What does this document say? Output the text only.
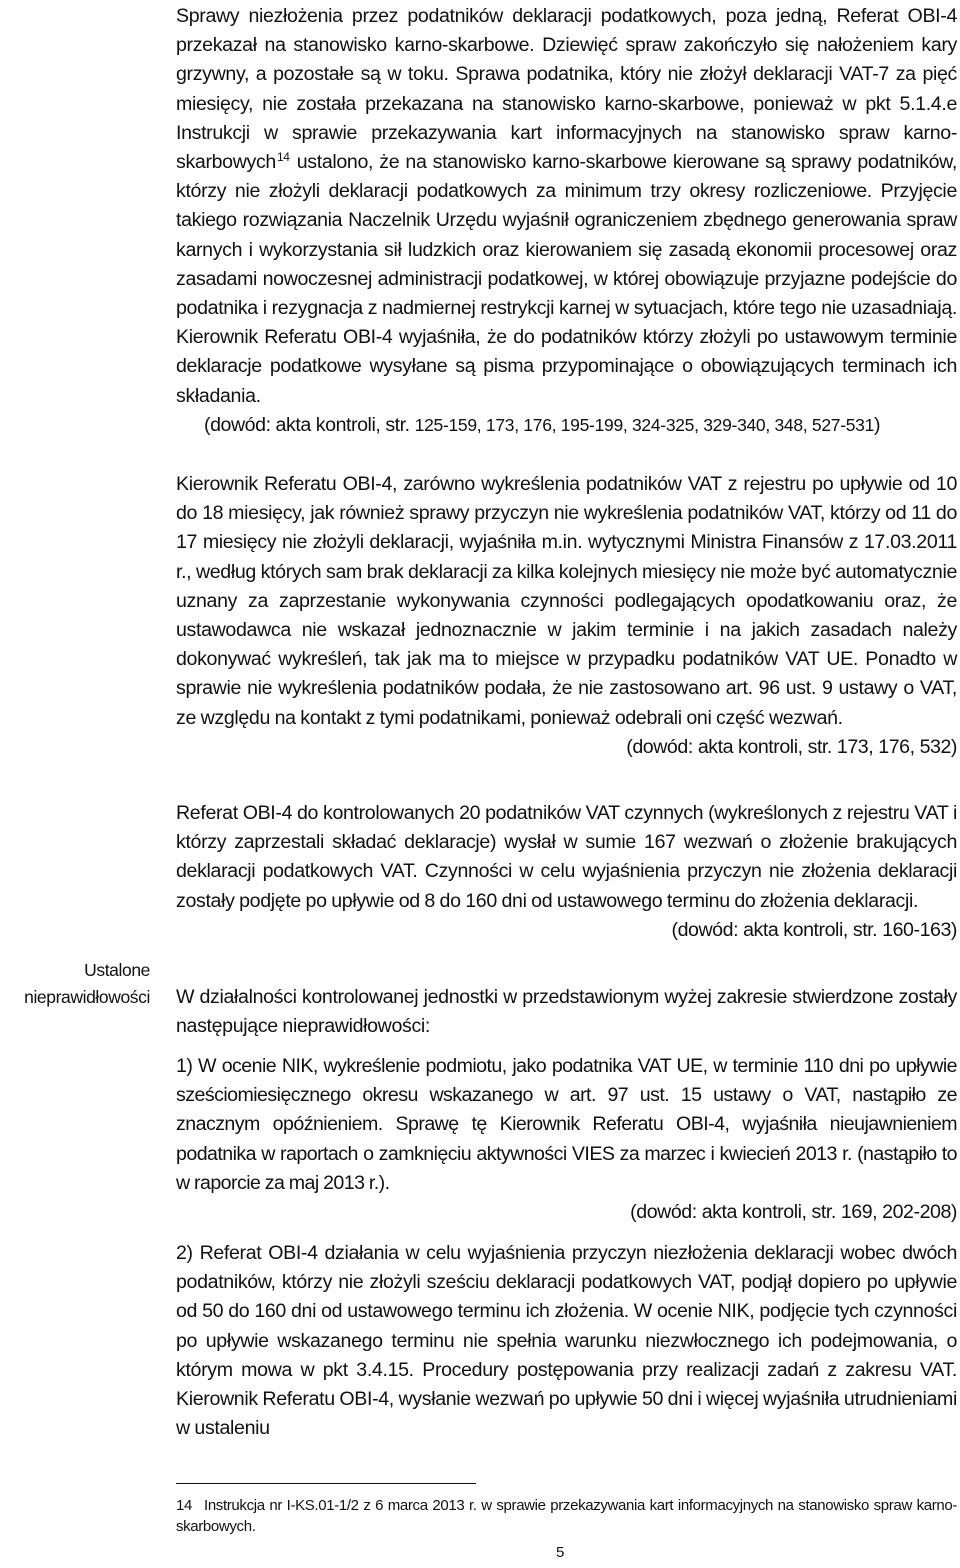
Sprawy niezłożenia przez podatników deklaracji podatkowych, poza jedną, Referat OBI-4 przekazał na stanowisko karno-skarbowe. Dziewięć spraw zakończyło się nałożeniem kary grzywny, a pozostałe są w toku. Sprawa podatnika, który nie złożył deklaracji VAT-7 za pięć miesięcy, nie została przekazana na stanowisko karno-skarbowe, ponieważ w pkt 5.1.4.e Instrukcji w sprawie przekazywania kart informacyjnych na stanowisko spraw karno-skarbowych$^{14}$ ustalono, że na stanowisko karno-skarbowe kierowane są sprawy podatników, którzy nie złożyli deklaracji podatkowych za minimum trzy okresy rozliczeniowe. Przyjęcie takiego rozwiązania Naczelnik Urzędu wyjaśnił ograniczeniem zbędnego generowania spraw karnych i wykorzystania sił ludzkich oraz kierowaniem się zasadą ekonomii procesowej oraz zasadami nowoczesnej administracji podatkowej, w której obowiązuje przyjazne podejście do podatnika i rezygnacja z nadmiernej restrykcji karnej w sytuacjach, które tego nie uzasadniają. Kierownik Referatu OBI-4 wyjaśniła, że do podatników którzy złożyli po ustawowym terminie deklaracje podatkowe wysyłane są pisma przypominające o obowiązujących terminach ich składania.

(dowód: akta kontroli, str. 125-159, 173, 176, 195-199, 324-325, 329-340, 348, 527-531)

Kierownik Referatu OBI-4, zarówno wykreślenia podatników VAT z rejestru po upływie od 10 do 18 miesięcy, jak również sprawy przyczyn nie wykreślenia podatników VAT, którzy od 11 do 17 miesięcy nie złożyli deklaracji, wyjaśniła m.in. wytycznymi Ministra Finansów z 17.03.2011 r., według których sam brak deklaracji za kilka kolejnych miesięcy nie może być automatycznie uznany za zaprzestanie wykonywania czynności podlegających opodatkowaniu oraz, że ustawodawca nie wskazał jednoznacznie w jakim terminie i na jakich zasadach należy dokonywać wykreśleń, tak jak ma to miejsce w przypadku podatników VAT UE. Ponadto w sprawie nie wykreślenia podatników podała, że nie zastosowano art. 96 ust. 9 ustawy o VAT, ze względu na kontakt z tymi podatnikami, ponieważ odebrali oni część wezwań.

(dowód: akta kontroli, str. 173, 176, 532)

Referat OBI-4 do kontrolowanych 20 podatników VAT czynnych (wykreślonych z rejestru VAT i którzy zaprzestali składać deklaracje) wysłał w sumie 167 wezwań o złożenie brakujących deklaracji podatkowych VAT. Czynności w celu wyjaśnienia przyczyn nie złożenia deklaracji zostały podjęte po upływie od 8 do 160 dni od ustawowego terminu do złożenia deklaracji.

(dowód: akta kontroli, str. 160-163)

Ustalone
nieprawidłowości W działalności kontrolowanej jednostki w przedstawionym wyżej zakresie stwierdzone zostały następujące nieprawidłowości:

1) W ocenie NIK, wykreślenie podmiotu, jako podatnika VAT UE, w terminie 110 dni po upływie sześciomiesięcznego okresu wskazanego w art. 97 ust. 15 ustawy o VAT, nastąpiło ze znacznym opóźnieniem. Sprawę tę Kierownik Referatu OBI-4, wyjaśniła nieujawnieniem podatnika w raportach o zamknięciu aktywności VIES za marzec i kwiecień 2013 r. (nastąpiło to w raporcie za maj 2013 r.).

(dowód: akta kontroli, str. 169, 202-208)

2) Referat OBI-4 działania w celu wyjaśnienia przyczyn niezłożenia deklaracji wobec dwóch podatników, którzy nie złożyli sześciu deklaracji podatkowych VAT, podjął dopiero po upływie od 50 do 160 dni od ustawowego terminu ich złożenia. W ocenie NIK, podjęcie tych czynności po upływie wskazanego terminu nie spełnia warunku niezwłocznego ich podejmowania, o którym mowa w pkt 3.4.15. Procedury postępowania przy realizacji zadań z zakresu VAT. Kierownik Referatu OBI-4, wysłanie wezwań po upływie 50 dni i więcej wyjaśniła utrudnieniami w ustaleniu

14 Instrukcja nr I-KS.01-1/2 z 6 marca 2013 r. w sprawie przekazywania kart informacyjnych na stanowisko spraw karno-skarbowych.
5
